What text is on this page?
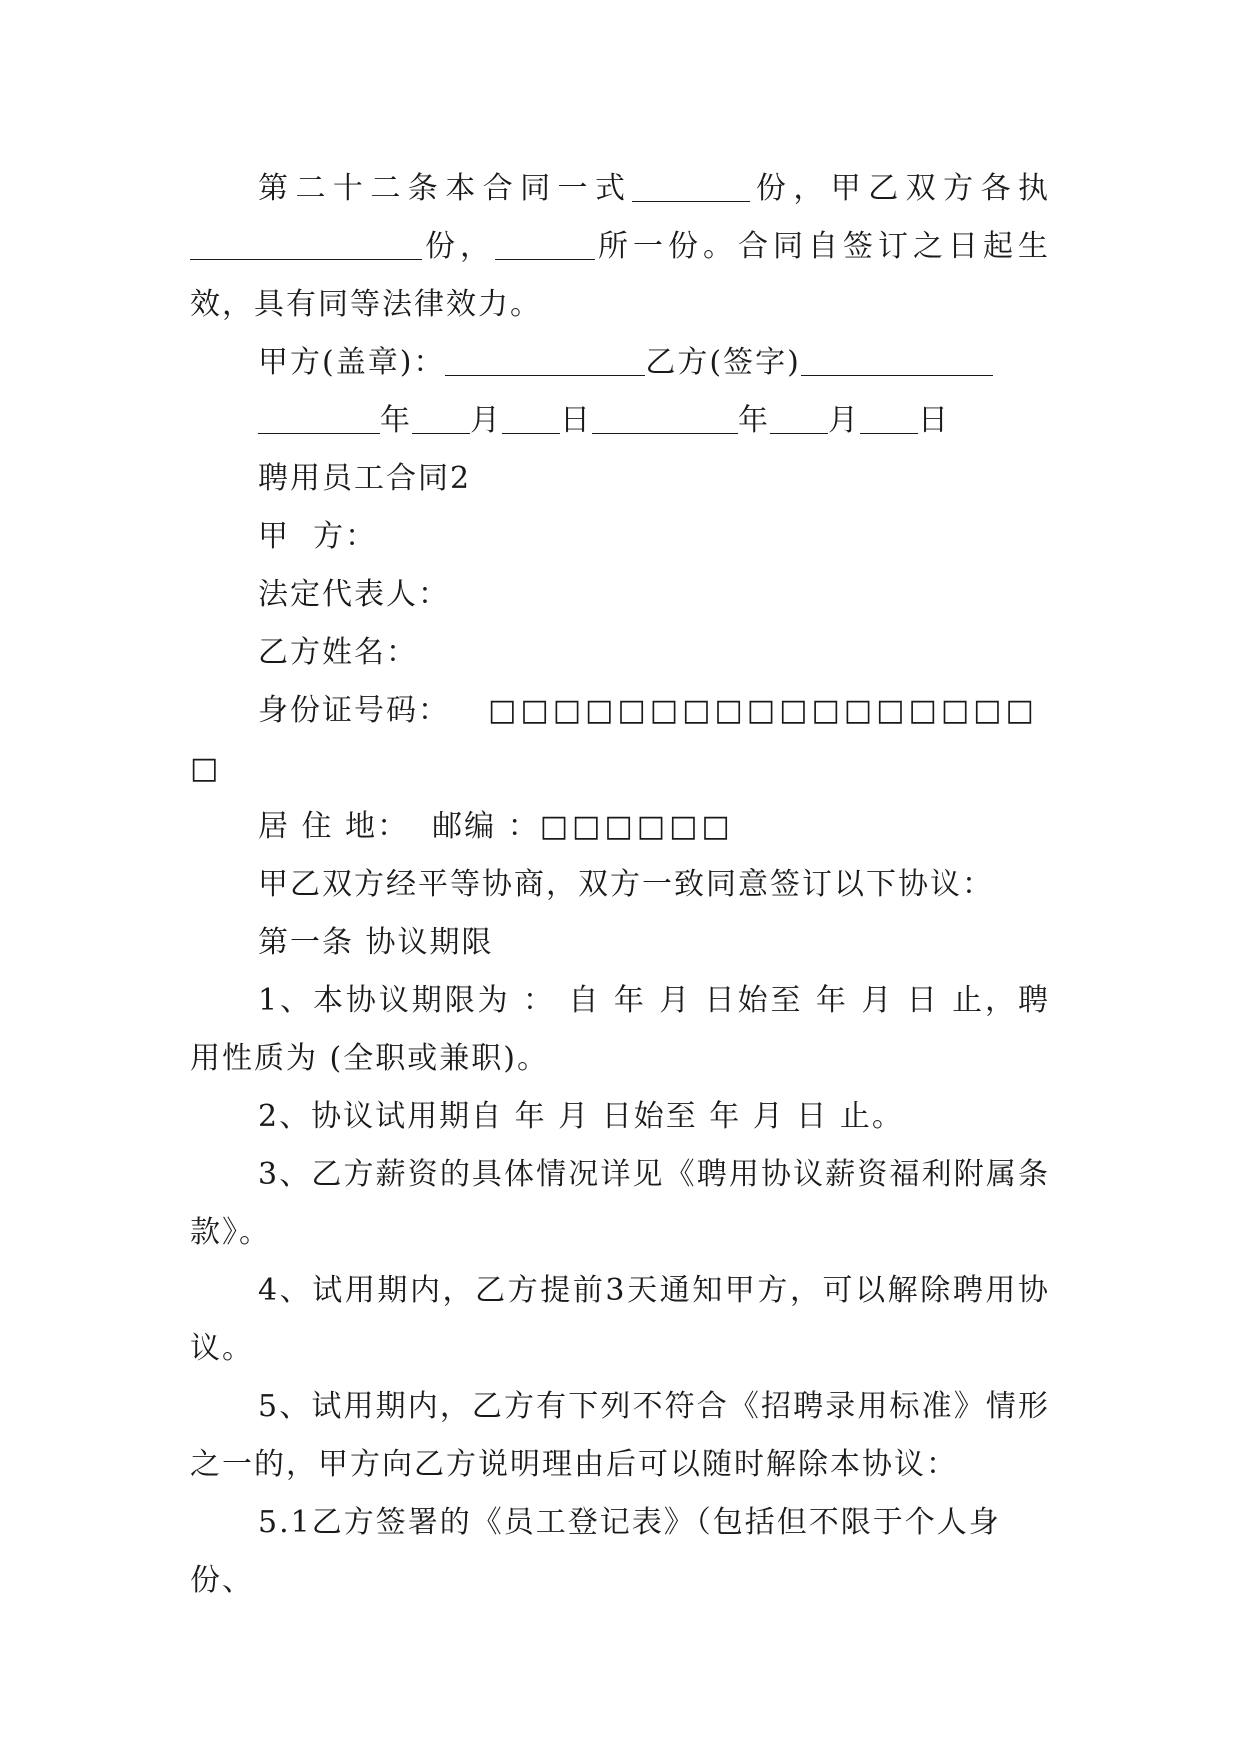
第二十二条本合同一式	份，甲乙双方各执份，	所一份。合同自签订之日起生效，具有同等法律效力。

甲方(盖章)：	乙方(签字)

年 月 日	年 月 日

聘用员工合同2

甲  方：

法定代表人：

乙方姓名：

身份证号码： □□□□□□□□□□□□□□□□□□

居 住 地： 邮编 ：□□□□□□

甲乙双方经平等协商，双方一致同意签订以下协议：

第一条 协议期限

1、本协议期限为 ： 自 年 月 日始至 年 月 日 止，聘用性质为 (全职或兼职)。

2、协议试用期自 年 月 日始至 年 月 日 止。

3、乙方薪资的具体情况详见《聘用协议薪资福利附属条款》。

4、试用期内，乙方提前3天通知甲方，可以解除聘用协议。

5、试用期内，乙方有下列不符合《招聘录用标准》情形之一的，甲方向乙方说明理由后可以随时解除本协议：

5.1乙方签署的《员工登记表》（包括但不限于个人身份、
